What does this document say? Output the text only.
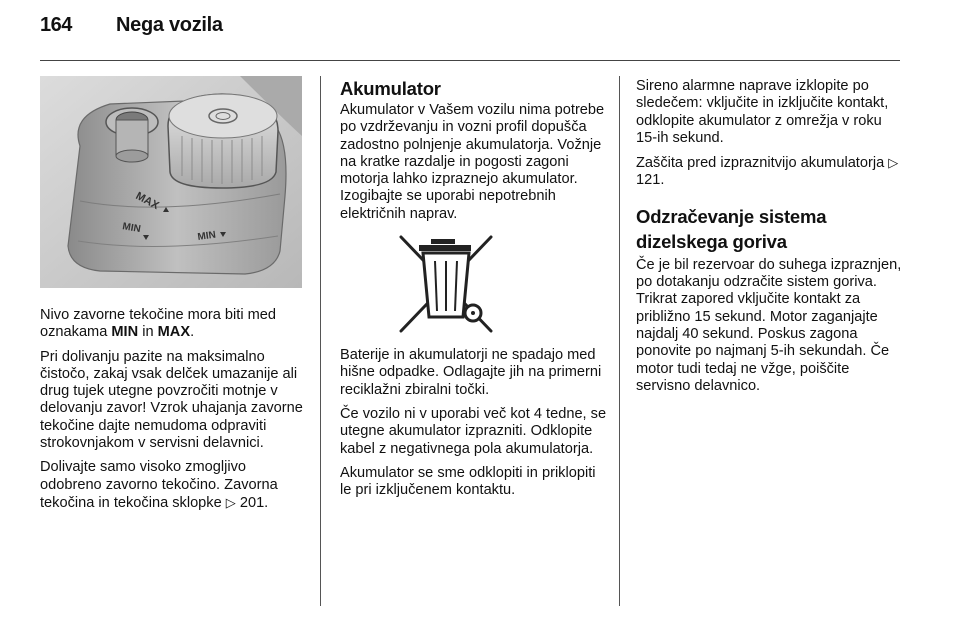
164 Nega vozila
MAX
MIN
MIN

Nivo zavorne tekočine mora biti med oznakama MIN in MAX.

Pri dolivanju pazite na maksimalno čistočo, zakaj vsak delček umazanije ali drug tujek utegne povzročiti motnje v delovanju zavor! Vzrok uhajanja zavorne tekočine dajte nemudoma odpraviti strokovnjakom v servisni delavnici.

Dolivajte samo visoko zmogljivo odobreno zavorno tekočino. Zavorna tekočina in tekočina sklopke ▷ 201.

Akumulator

Akumulator v Vašem vozilu nima potrebe po vzdrževanju in vozni profil dopušča zadostno polnjenje akumulatorja. Vožnje na kratke razdalje in pogosti zagoni motorja lahko izpraznejo akumulator. Izogibajte se uporabi nepotrebnih električnih naprav.

Baterije in akumulatorji ne spadajo med hišne odpadke. Odlagajte jih na primerni reciklažni zbiralni točki.

Če vozilo ni v uporabi več kot 4 tedne, se utegne akumulator izprazniti. Odklopite kabel z negativnega pola akumulatorja.

Akumulator se sme odklopiti in priklopiti le pri izključenem kontaktu.

Sireno alarmne naprave izklopite po sledečem: vključite in izključite kontakt, odklopite akumulator z omrežja v roku 15-ih sekund.

Zaščita pred izpraznitvijo akumulatorja ▷ 121.

Odzračevanje sistema dizelskega goriva

Če je bil rezervoar do suhega izpraznjen, po dotakanju odzračite sistem goriva. Trikrat zapored vključite kontakt za približno 15 sekund. Motor zaganjajte najdalj 40 sekund. Poskus zagona ponovite po najmanj 5-ih sekundah. Če motor tudi tedaj ne vžge, poiščite servisno delavnico.
